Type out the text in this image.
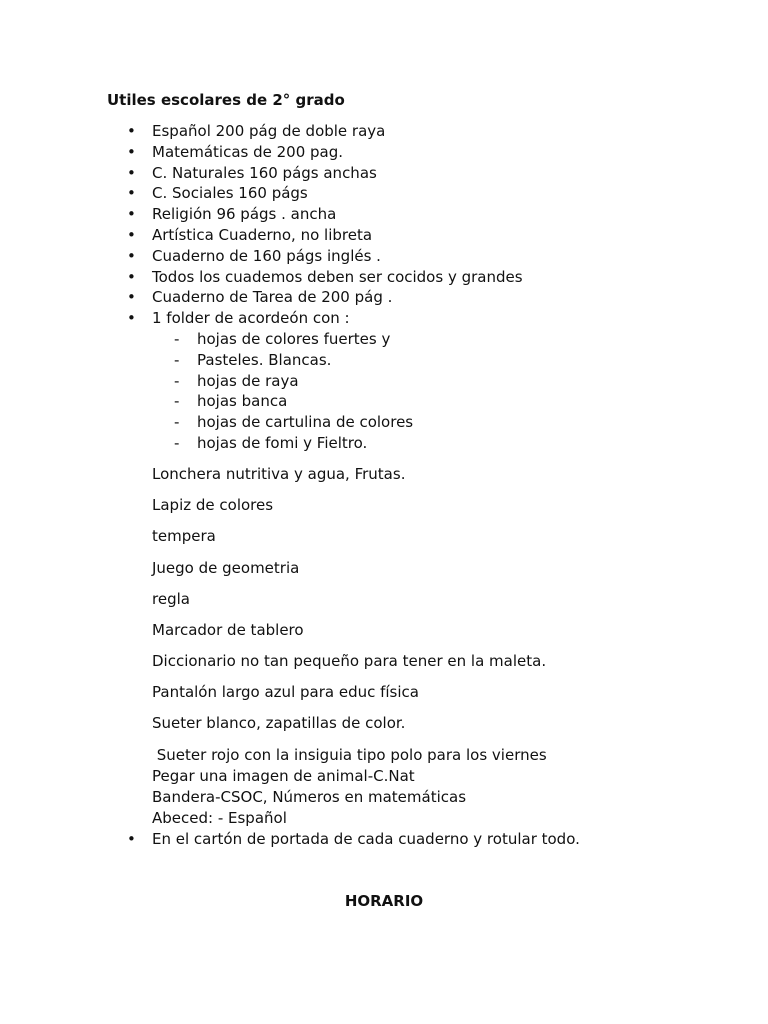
Utiles escolares de 2° grado
• Español 200 pág de doble raya
• Matemáticas de 200 pag.
• C. Naturales 160 págs anchas
• C. Sociales 160 págs
• Religión 96 págs . ancha
• Artística Cuaderno, no libreta
• Cuaderno de 160 págs inglés .
• Todos los cuademos deben ser cocidos y grandes
• Cuaderno de Tarea de 200 pág .
• 1 folder de acordeón con :
- hojas de colores fuertes y
- Pasteles. Blancas.
- hojas de raya
- hojas banca
- hojas de cartulina de colores
- hojas de fomi y Fieltro.
Lonchera nutritiva y agua, Frutas.
Lapiz de colores
tempera
Juego de geometria
regla
Marcador de tablero
Diccionario no tan pequeño para tener en la maleta.
Pantalón largo azul para educ física
Sueter blanco, zapatillas de color.
Sueter rojo con la insiguia tipo polo para los viernes
Pegar una imagen de animal-C.Nat
Bandera-CSOC, Números en matemáticas
Abeced: - Español
• En el cartón de portada de cada cuaderno y rotular todo.
HORARIO
